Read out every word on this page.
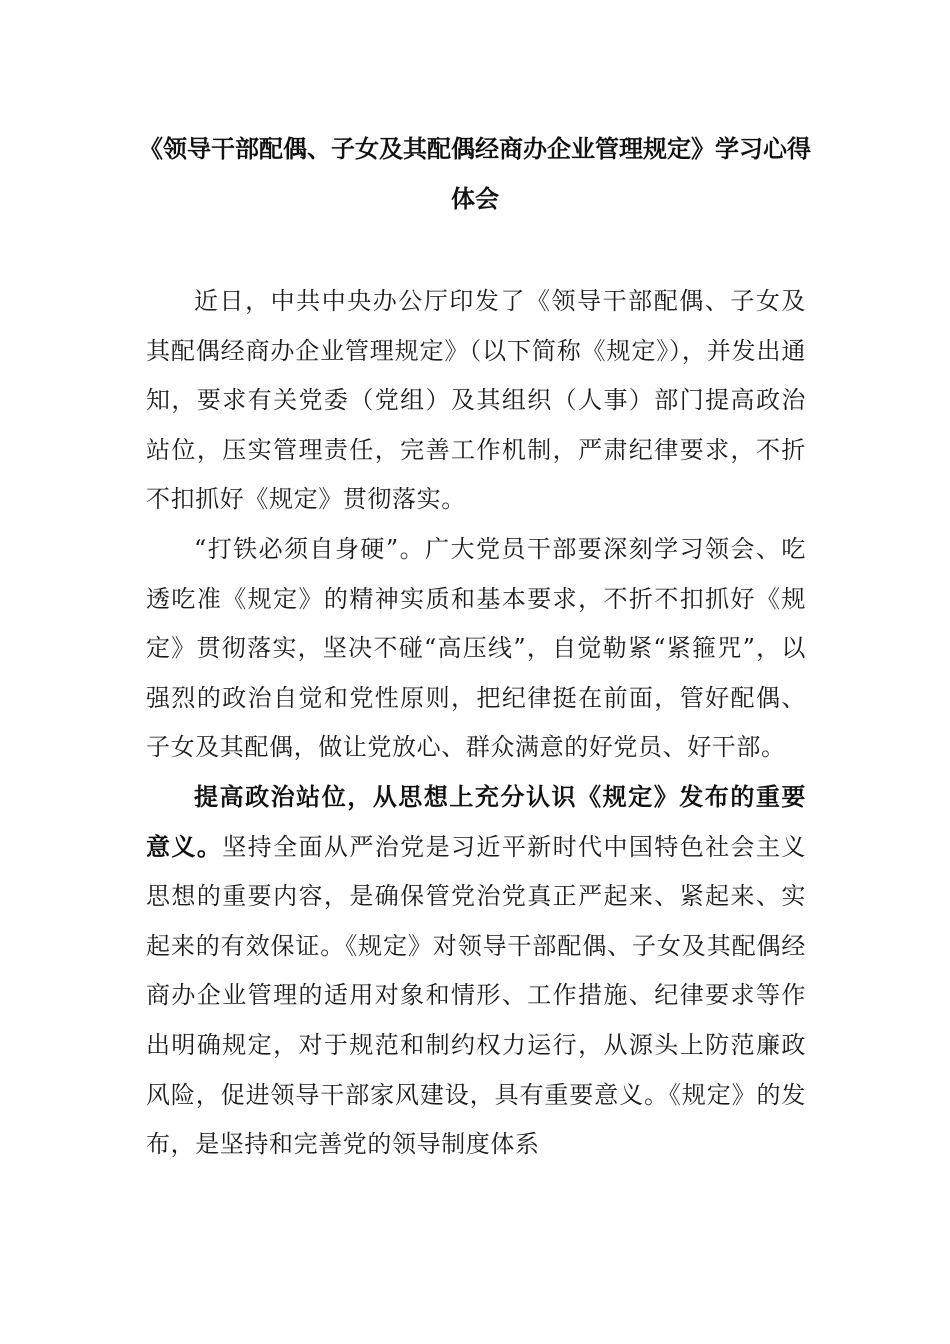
《领导干部配偶、子女及其配偶经商办企业管理规定》学习心得体会

近日，中共中央办公厅印发了《领导干部配偶、子女及其配偶经商办企业管理规定》（以下简称《规定》），并发出通知，要求有关党委（党组）及其组织（人事）部门提高政治站位，压实管理责任，完善工作机制，严肃纪律要求，不折不扣抓好《规定》贯彻落实。

“打铁必须自身硬”。广大党员干部要深刻学习领会、吃透吃准《规定》的精神实质和基本要求，不折不扣抓好《规定》贯彻落实，坚决不碰“高压线”，自觉勒紧“紧箍咒”，以强烈的政治自觉和党性原则，把纪律挺在前面，管好配偶、子女及其配偶，做让党放心、群众满意的好党员、好干部。

提高政治站位，从思想上充分认识《规定》发布的重要意义。坚持全面从严治党是习近平新时代中国特色社会主义思想的重要内容，是确保管党治党真正严起来、紧起来、实起来的有效保证。《规定》对领导干部配偶、子女及其配偶经商办企业管理的适用对象和情形、工作措施、纪律要求等作出明确规定，对于规范和制约权力运行，从源头上防范廉政风险，促进领导干部家风建设，具有重要意义。《规定》的发布，是坚持和完善党的领导制度体系
